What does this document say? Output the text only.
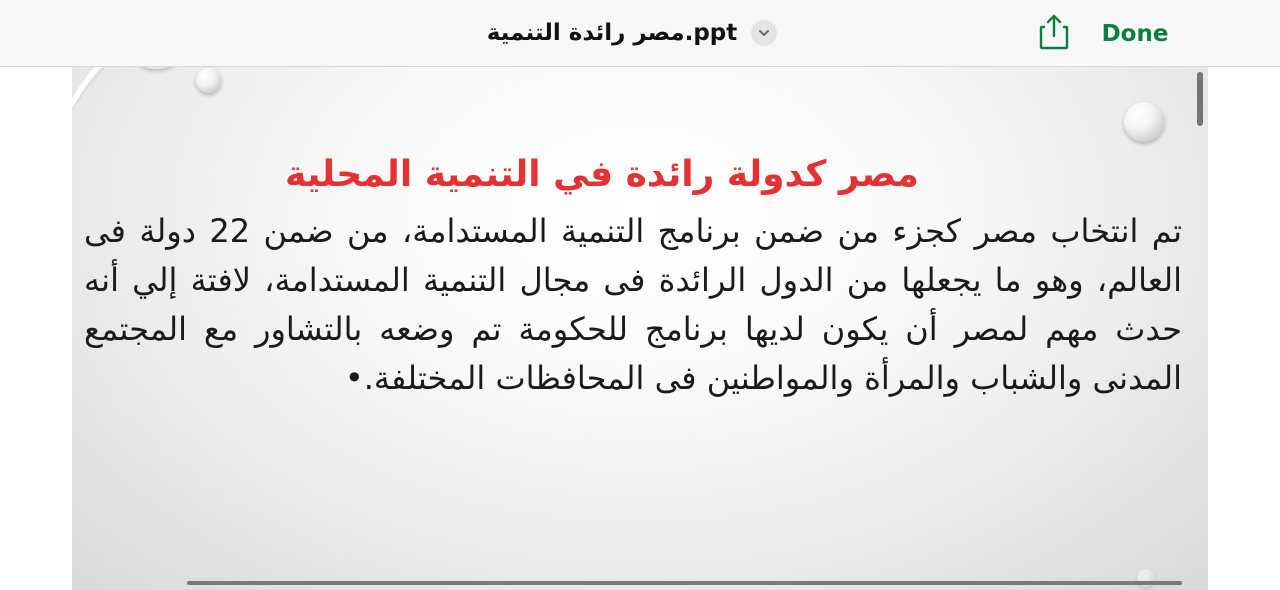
مصر رائدة التنمية.ppt	Done
مصر كدولة رائدة في التنمية المحلية
تم انتخاب مصر كجزء من ضمن برنامج التنمية المستدامة، من ضمن 22 دولة فى العالم، وهو ما يجعلها من الدول الرائدة فى مجال التنمية المستدامة، لافتة إلي أنه حدث مهم لمصر أن يكون لديها برنامج للحكومة تم وضعه بالتشاور مع المجتمع المدنى والشباب والمرأة والمواطنين فى المحافظات المختلفة.•
